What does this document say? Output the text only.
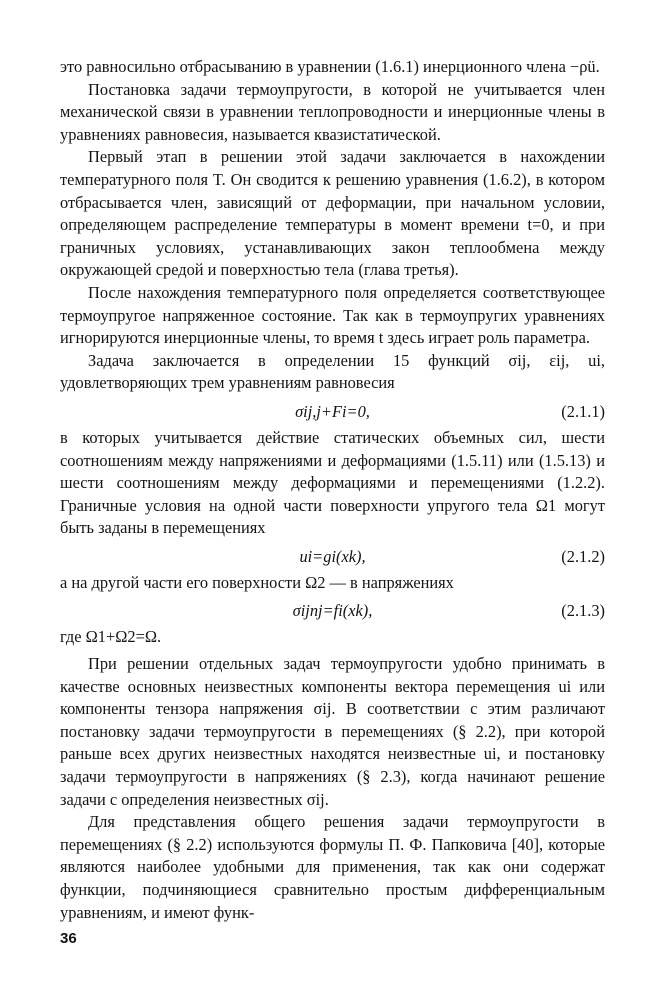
это равносильно отбрасыванию в уравнении (1.6.1) инерционного члена −ρü.

Постановка задачи термоупругости, в которой не учитывается член механической связи в уравнении теплопроводности и инерционные члены в уравнениях равновесия, называется квазистатической.

Первый этап в решении этой задачи заключается в нахождении температурного поля T. Он сводится к решению уравнения (1.6.2), в котором отбрасывается член, зависящий от деформации, при начальном условии, определяющем распределение температуры в момент времени t=0, и при граничных условиях, устанавливающих закон теплообмена между окружающей средой и поверхностью тела (глава третья).

После нахождения температурного поля определяется соответствующее термоупругое напряженное состояние. Так как в термоупругих уравнениях игнорируются инерционные члены, то время t здесь играет роль параметра.

Задача заключается в определении 15 функций σij, εij, ui, удовлетворяющих трем уравнениям равновесия

σij,j+Fi=0,	(2.1.1)

в которых учитывается действие статических объемных сил, шести соотношениям между напряжениями и деформациями (1.5.11) или (1.5.13) и шести соотношениям между деформациями и перемещениями (1.2.2). Граничные условия на одной части поверхности упругого тела Ω1 могут быть заданы в перемещениях

ui=gi(xk),	(2.1.2)

а на другой части его поверхности Ω2 — в напряжениях

σijnj=fi(xk),	(2.1.3)

где Ω1+Ω2=Ω.

При решении отдельных задач термоупругости удобно принимать в качестве основных неизвестных компоненты вектора перемещения ui или компоненты тензора напряжения σij. В соответствии с этим различают постановку задачи термоупругости в перемещениях (§ 2.2), при которой раньше всех других неизвестных находятся неизвестные ui, и постановку задачи термоупругости в напряжениях (§ 2.3), когда начинают решение задачи с определения неизвестных σij.

Для представления общего решения задачи термоупругости в перемещениях (§ 2.2) используются формулы П. Ф. Папковича [40], которые являются наиболее удобными для применения, так как они содержат функции, подчиняющиеся сравнительно простым дифференциальным уравнениям, и имеют функ-

36
